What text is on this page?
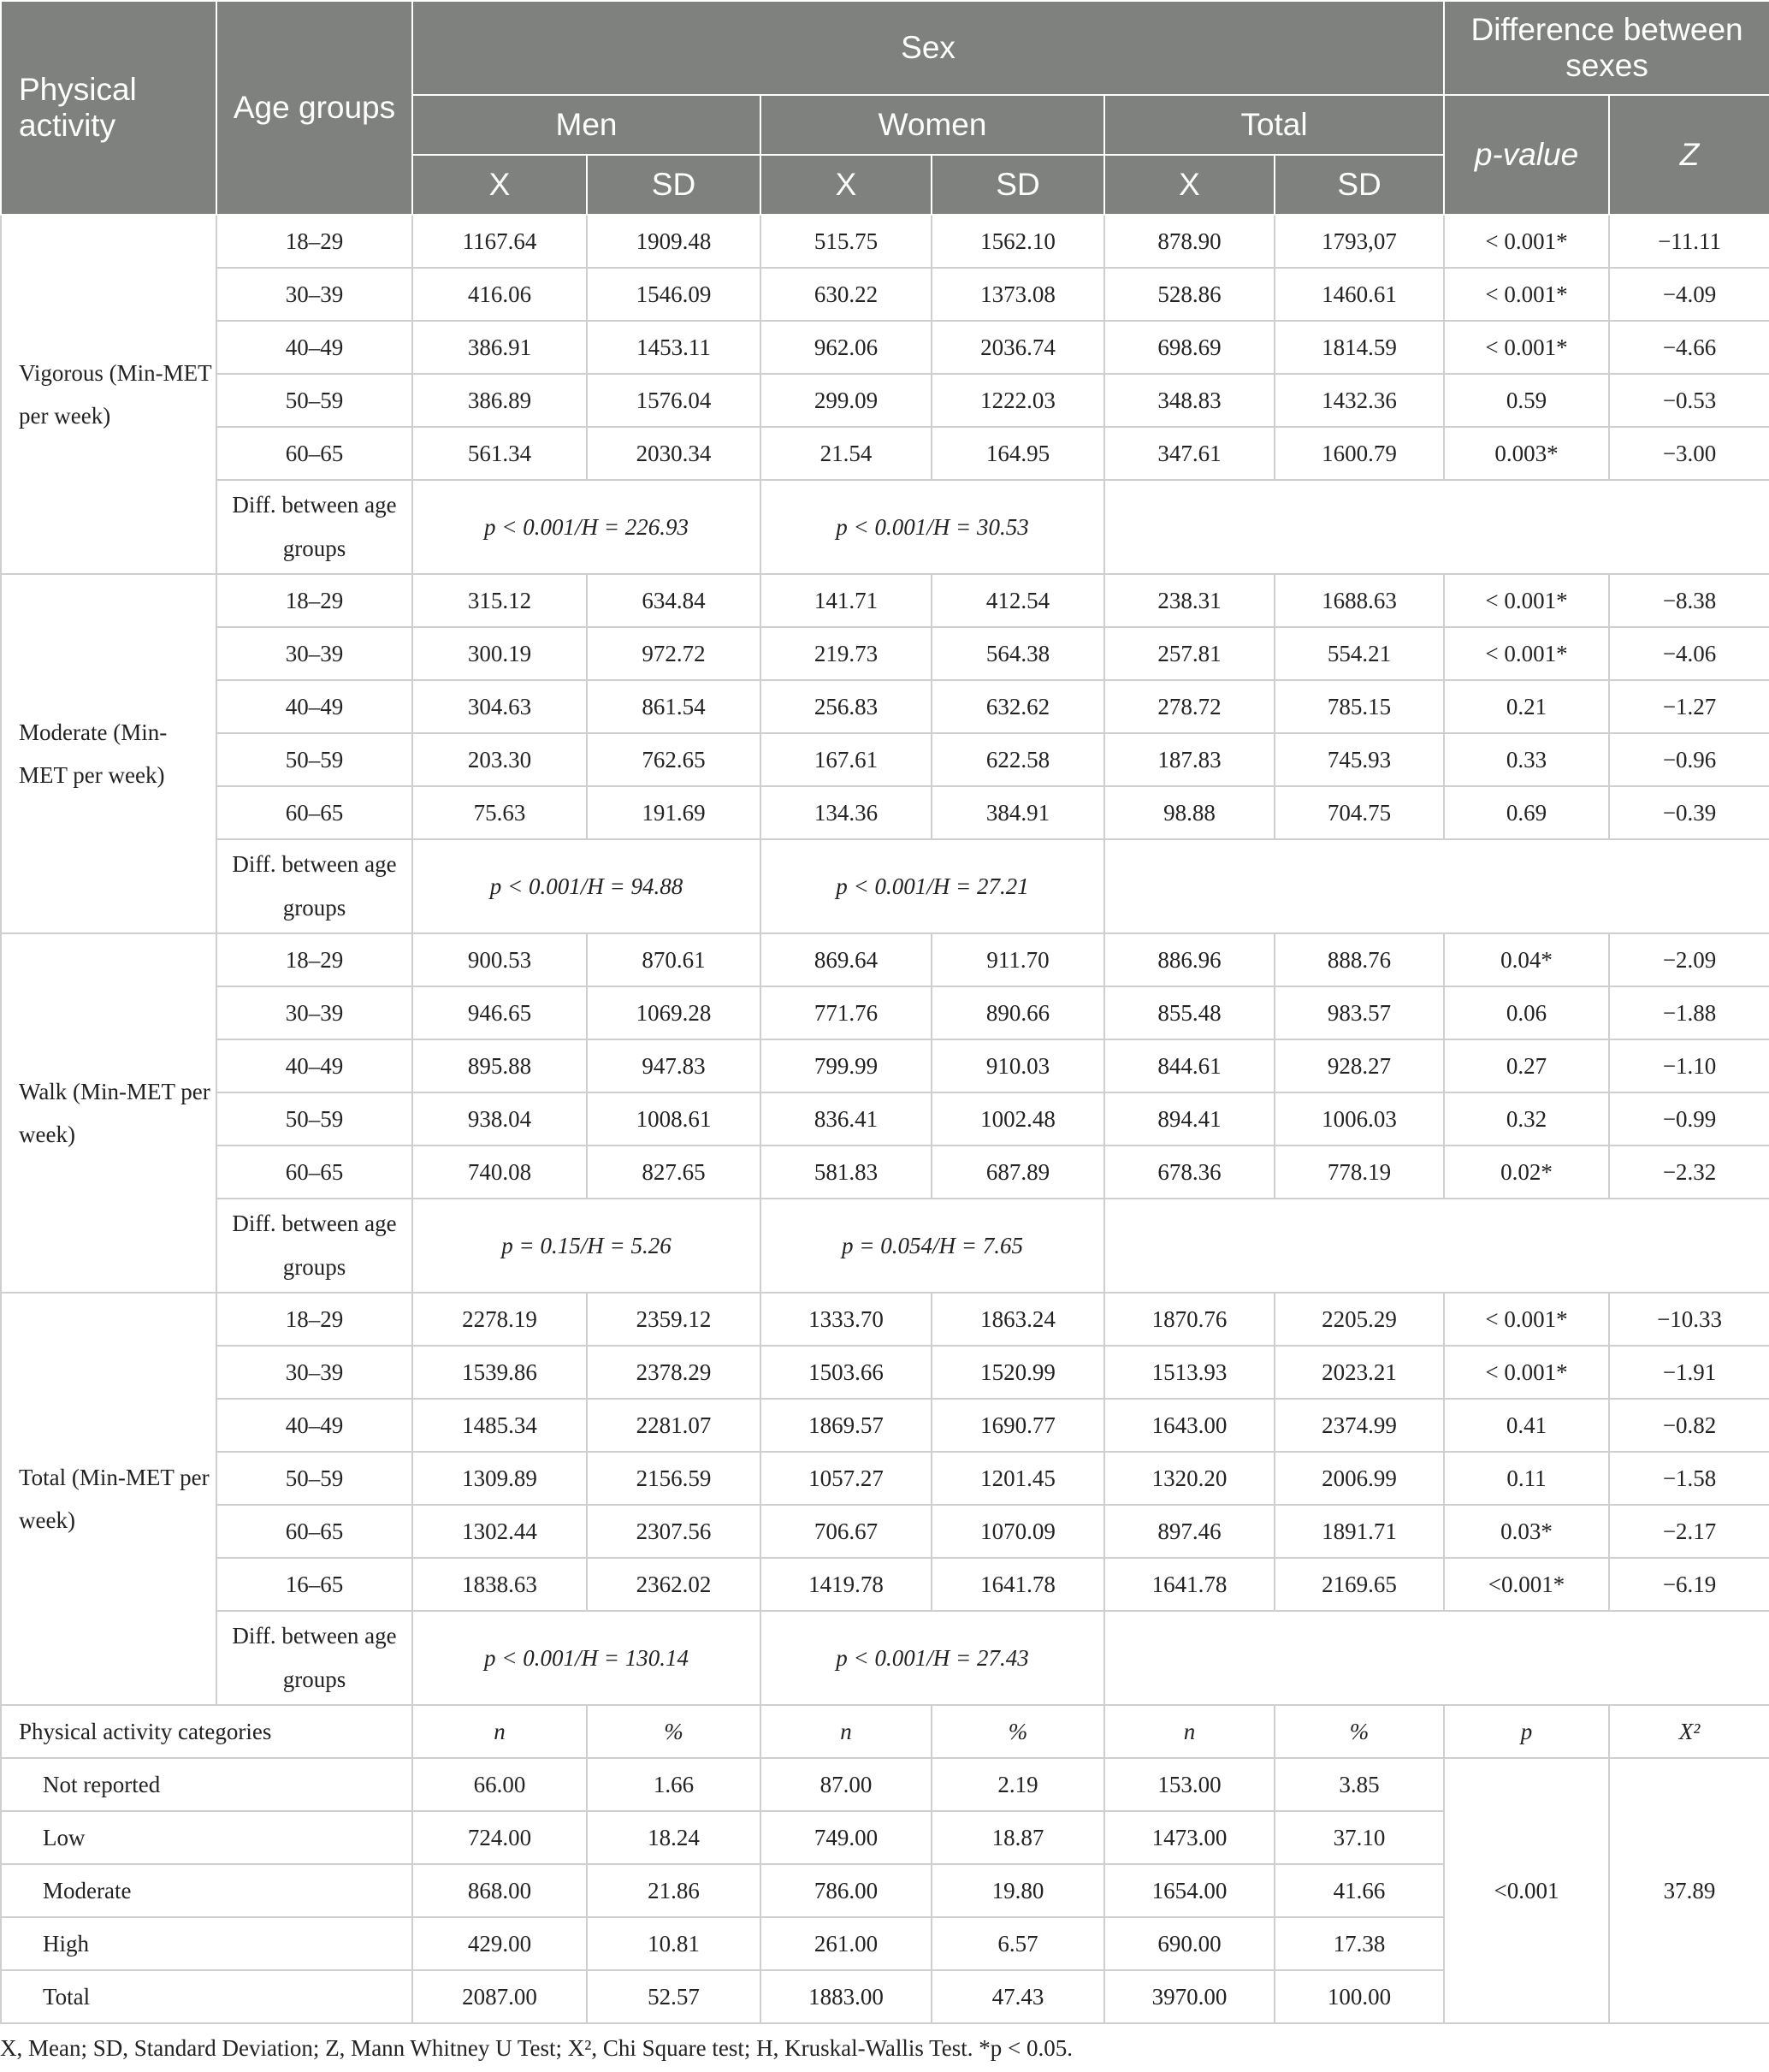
Physical activity	Age groups	Sex						Difference between sexes	
		Men		Women		Total		p-value	Z
		X	SD	X	SD	X	SD		
Vigorous (Min-MET per week)	18–29	1167.64	1909.48	515.75	1562.10	878.90	1793,07	< 0.001*	−11.11
	30–39	416.06	1546.09	630.22	1373.08	528.86	1460.61	< 0.001*	−4.09
	40–49	386.91	1453.11	962.06	2036.74	698.69	1814.59	< 0.001*	−4.66
	50–59	386.89	1576.04	299.09	1222.03	348.83	1432.36	0.59	−0.53
	60–65	561.34	2030.34	21.54	164.95	347.61	1600.79	0.003*	−3.00
	Diff. between age groups	p < 0.001/H = 226.93		p < 0.001/H = 30.53					
Moderate (Min-MET per week)	18–29	315.12	634.84	141.71	412.54	238.31	1688.63	< 0.001*	−8.38
	30–39	300.19	972.72	219.73	564.38	257.81	554.21	< 0.001*	−4.06
	40–49	304.63	861.54	256.83	632.62	278.72	785.15	0.21	−1.27
	50–59	203.30	762.65	167.61	622.58	187.83	745.93	0.33	−0.96
	60–65	75.63	191.69	134.36	384.91	98.88	704.75	0.69	−0.39
	Diff. between age groups	p < 0.001/H = 94.88		p < 0.001/H = 27.21					
Walk (Min-MET per week)	18–29	900.53	870.61	869.64	911.70	886.96	888.76	0.04*	−2.09
	30–39	946.65	1069.28	771.76	890.66	855.48	983.57	0.06	−1.88
	40–49	895.88	947.83	799.99	910.03	844.61	928.27	0.27	−1.10
	50–59	938.04	1008.61	836.41	1002.48	894.41	1006.03	0.32	−0.99
	60–65	740.08	827.65	581.83	687.89	678.36	778.19	0.02*	−2.32
	Diff. between age groups	p = 0.15/H = 5.26		p = 0.054/H = 7.65					
Total (Min-MET per week)	18–29	2278.19	2359.12	1333.70	1863.24	1870.76	2205.29	< 0.001*	−10.33
	30–39	1539.86	2378.29	1503.66	1520.99	1513.93	2023.21	< 0.001*	−1.91
	40–49	1485.34	2281.07	1869.57	1690.77	1643.00	2374.99	0.41	−0.82
	50–59	1309.89	2156.59	1057.27	1201.45	1320.20	2006.99	0.11	−1.58
	60–65	1302.44	2307.56	706.67	1070.09	897.46	1891.71	0.03*	−2.17
	16–65	1838.63	2362.02	1419.78	1641.78	1641.78	2169.65	<0.001*	−6.19
	Diff. between age groups	p < 0.001/H = 130.14		p < 0.001/H = 27.43					
Physical activity categories		n	%	n	%	n	%	p	X²
Not reported		66.00	1.66	87.00	2.19	153.00	3.85	<0.001	37.89
Low		724.00	18.24	749.00	18.87	1473.00	37.10		
Moderate		868.00	21.86	786.00	19.80	1654.00	41.66		
High		429.00	10.81	261.00	6.57	690.00	17.38		
Total		2087.00	52.57	1883.00	47.43	3970.00	100.00		
X, Mean; SD, Standard Deviation; Z, Mann Whitney U Test; X², Chi Square test; H, Kruskal-Wallis Test. *p < 0.05.
